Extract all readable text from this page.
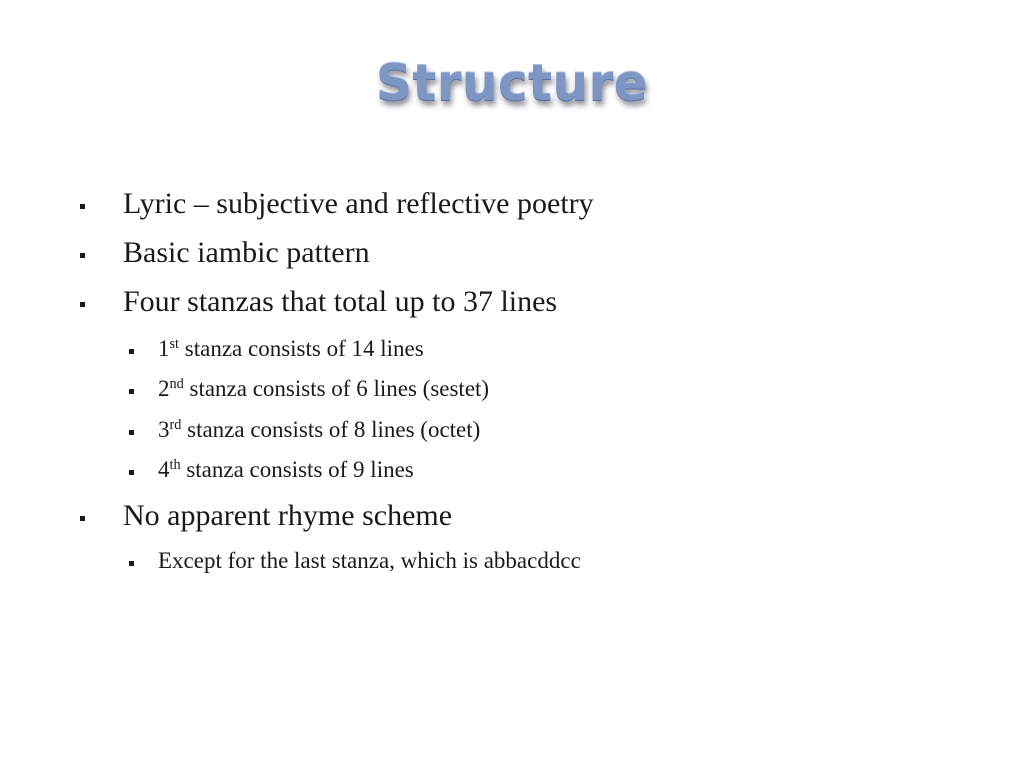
Structure
Lyric – subjective and reflective poetry
Basic iambic pattern
Four stanzas that total up to 37 lines
1st stanza consists of 14 lines
2nd stanza consists of 6 lines (sestet)
3rd stanza consists of 8 lines (octet)
4th stanza consists of 9 lines
No apparent rhyme scheme
Except for the last stanza, which is abbacddcc
